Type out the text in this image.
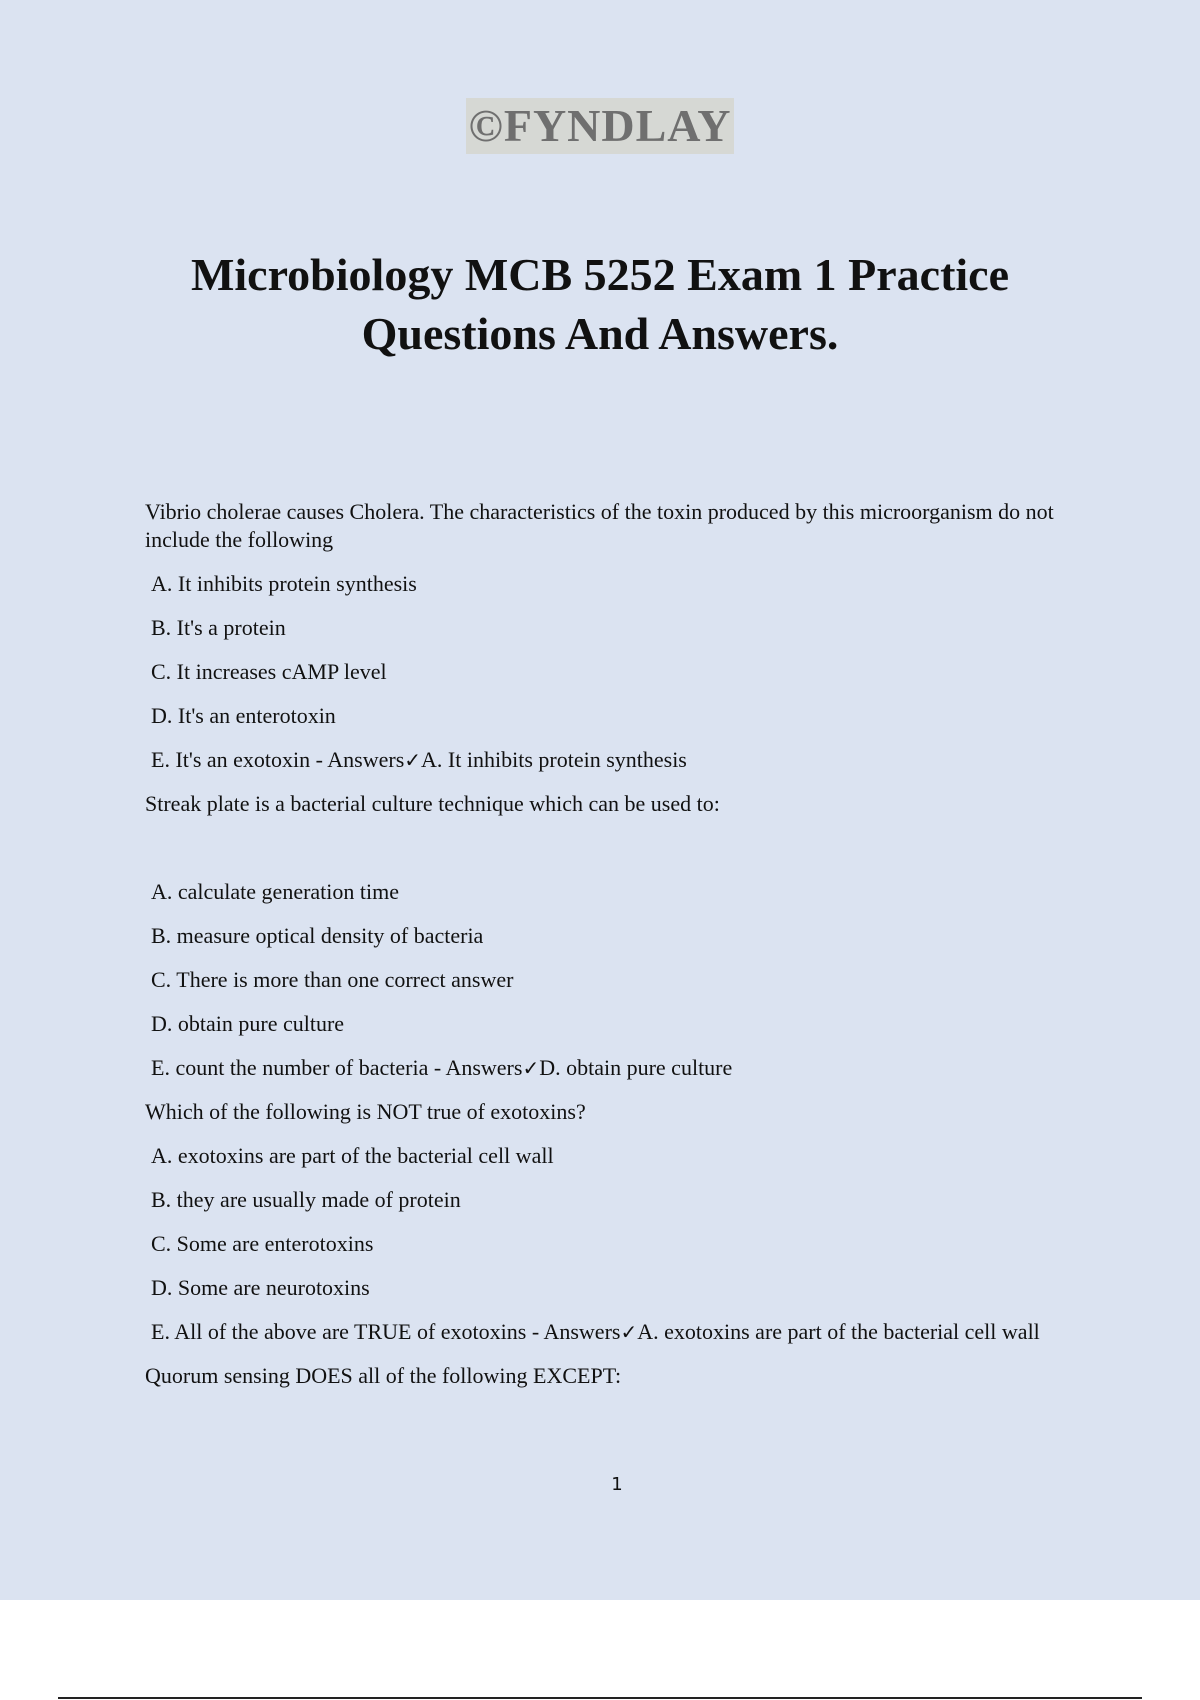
©FYNDLAY
Microbiology MCB 5252 Exam 1 Practice Questions And Answers.
Vibrio cholerae causes Cholera. The characteristics of the toxin produced by this microorganism do not include the following
A. It inhibits protein synthesis
B. It's a protein
C. It increases cAMP level
D. It's an enterotoxin
E. It's an exotoxin - Answers✓A. It inhibits protein synthesis
Streak plate is a bacterial culture technique which can be used to:
A. calculate generation time
B. measure optical density of bacteria
C. There is more than one correct answer
D. obtain pure culture
E. count the number of bacteria - Answers✓D. obtain pure culture
Which of the following is NOT true of exotoxins?
A. exotoxins are part of the bacterial cell wall
B. they are usually made of protein
C. Some are enterotoxins
D. Some are neurotoxins
E. All of the above are TRUE of exotoxins - Answers✓A. exotoxins are part of the bacterial cell wall
Quorum sensing DOES all of the following EXCEPT:
1
